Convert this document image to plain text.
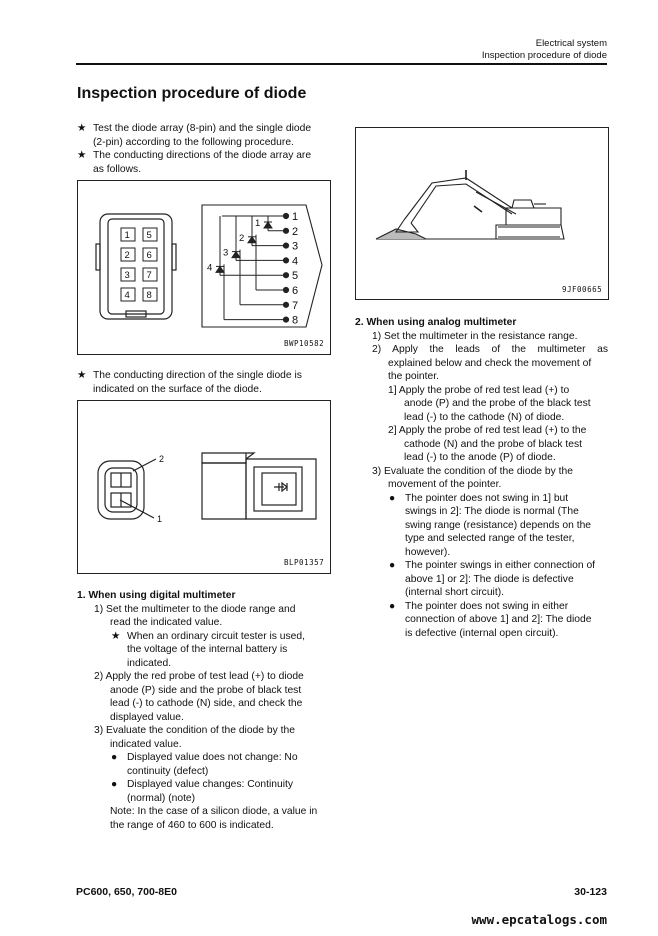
Electrical system
Inspection procedure of diode
Inspection procedure of diode
★ Test the diode array (8-pin) and the single diode

(2-pin) according to the following procedure.

★ The conducting directions of the diode array are

as follows.

1
2
3
4
5
6
7
8
1
2
3
4
1 5
2 6
3 7
4 8
BWP10582
★ The conducting direction of the single diode is

indicated on the surface of the diode.

2
1
BLP01357

1. When using digital multimeter

1) Set the multimeter to the diode range and

read the indicated value.

★ When an ordinary circuit tester is used,

the voltage of the internal battery is

indicated.

2) Apply the red probe of test lead (+) to diode

anode (P) side and the probe of black test

lead (-) to cathode (N) side, and check the

displayed value.

3) Evaluate the condition of the diode by the

indicated value.

● Displayed value does not change: No

continuity (defect)

● Displayed value changes: Continuity

(normal) (note)

Note: In the case of a silicon diode, a value in

the range of 460 to 600 is indicated.

9JF00665

2. When using analog multimeter

1) Set the multimeter in the resistance range.

2) Apply the leads of the multimeter as

explained below and check the movement of

the pointer.

1] Apply the probe of red test lead (+) to

anode (P) and the probe of the black test

lead (-) to the cathode (N) of diode.

2] Apply the probe of red test lead (+) to the

cathode (N) and the probe of black test

lead (-) to the anode (P) of diode.

3) Evaluate the condition of the diode by the

movement of the pointer.

● The pointer does not swing in 1] but

swings in 2]: The diode is normal (The

swing range (resistance) depends on the

type and selected range of the tester,

however).

● The pointer swings in either connection of

above 1] or 2]: The diode is defective

(internal short circuit).

● The pointer does not swing in either

connection of above 1] and 2]: The diode

is defective (internal open circuit).

PC600, 650, 700-8E0	30-123
www.epcatalogs.com
